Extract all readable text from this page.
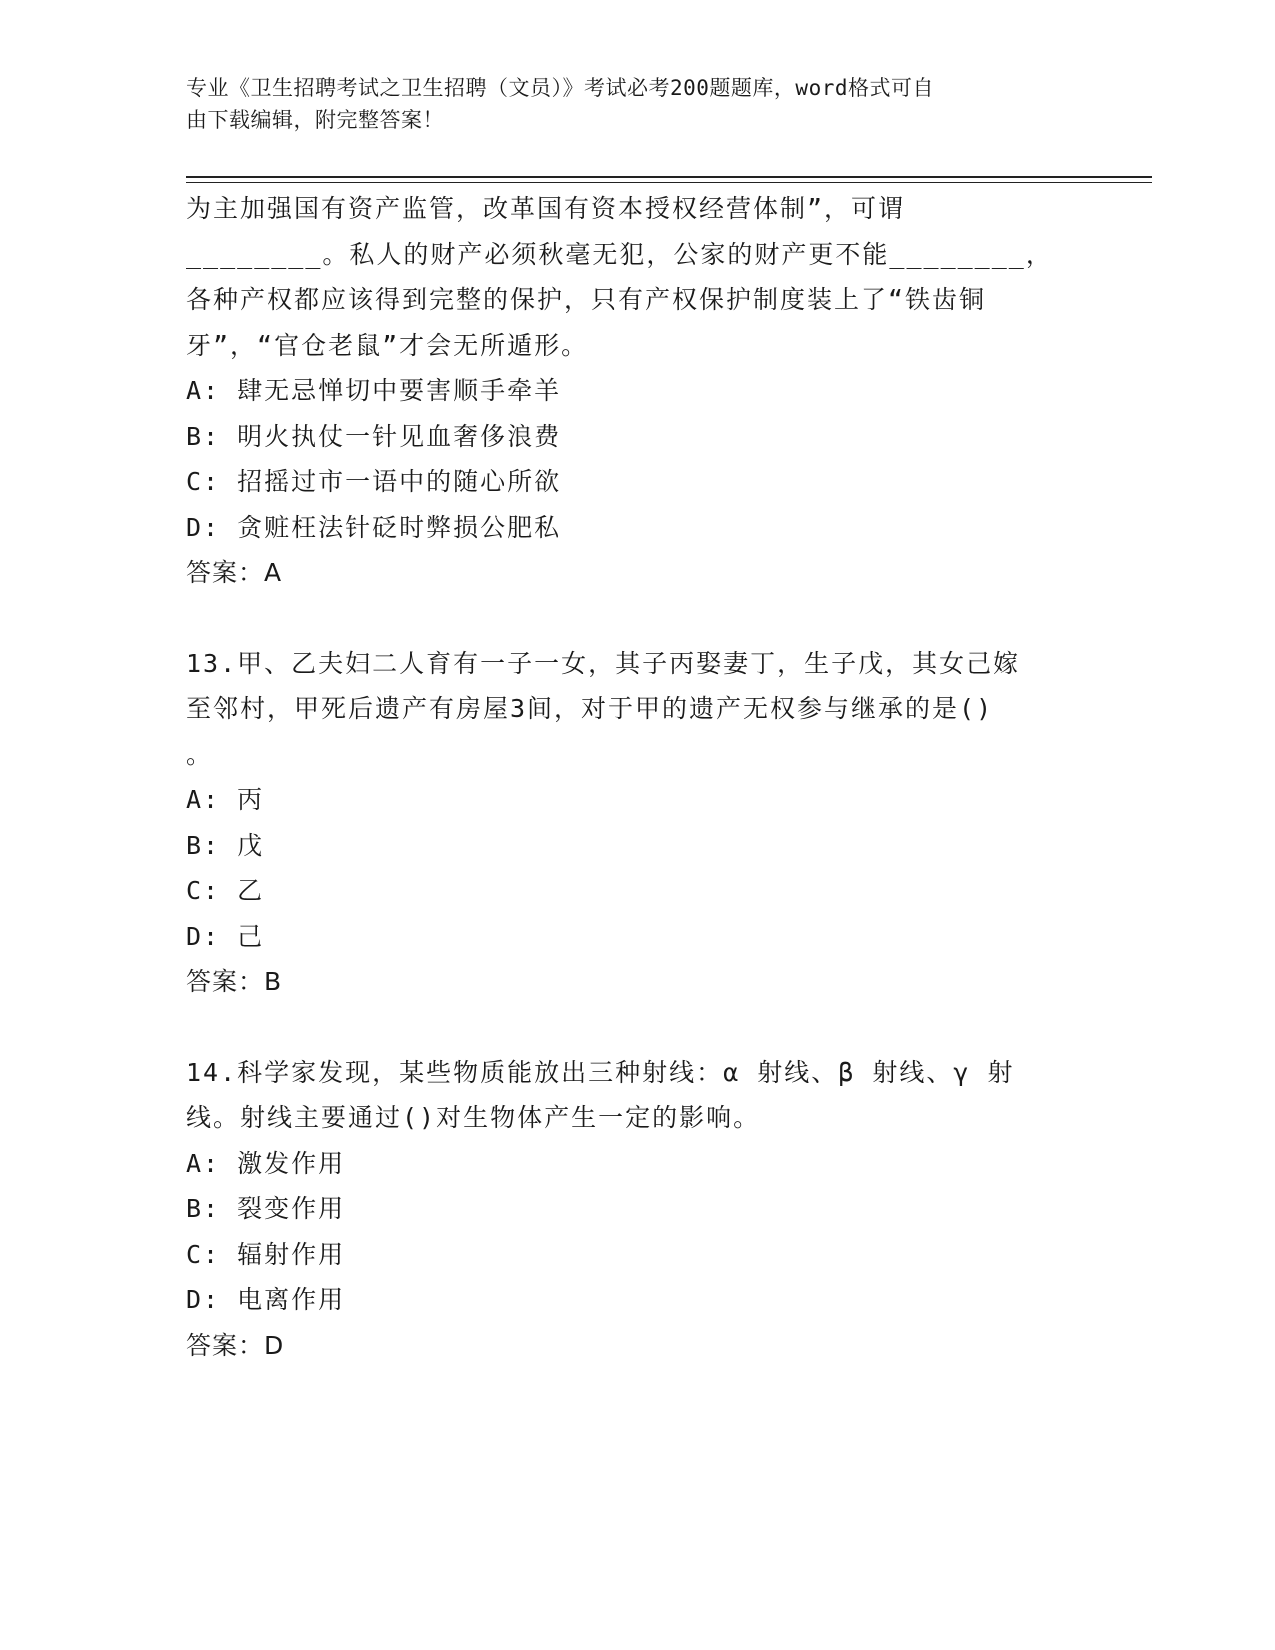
专业《卫生招聘考试之卫生招聘（文员）》考试必考200题题库，word格式可自
由下载编辑，附完整答案！

为主加强国有资产监管，改革国有资本授权经营体制”，可谓

________。私人的财产必须秋毫无犯，公家的财产更不能________，

各种产权都应该得到完整的保护，只有产权保护制度装上了“铁齿铜

牙”，“官仓老鼠”才会无所遁形。

A: 肆无忌惮切中要害顺手牵羊

B: 明火执仗一针见血奢侈浪费

C: 招摇过市一语中的随心所欲

D: 贪赃枉法针砭时弊损公肥私

答案：A

13.甲、乙夫妇二人育有一子一女，其子丙娶妻丁，生子戊，其女己嫁

至邻村，甲死后遗产有房屋3间，对于甲的遗产无权参与继承的是()

。

A: 丙

B: 戊

C: 乙

D: 己

答案：B

14.科学家发现，某些物质能放出三种射线：α 射线、β 射线、γ 射

线。射线主要通过()对生物体产生一定的影响。

A: 激发作用

B: 裂变作用

C: 辐射作用

D: 电离作用

答案：D
